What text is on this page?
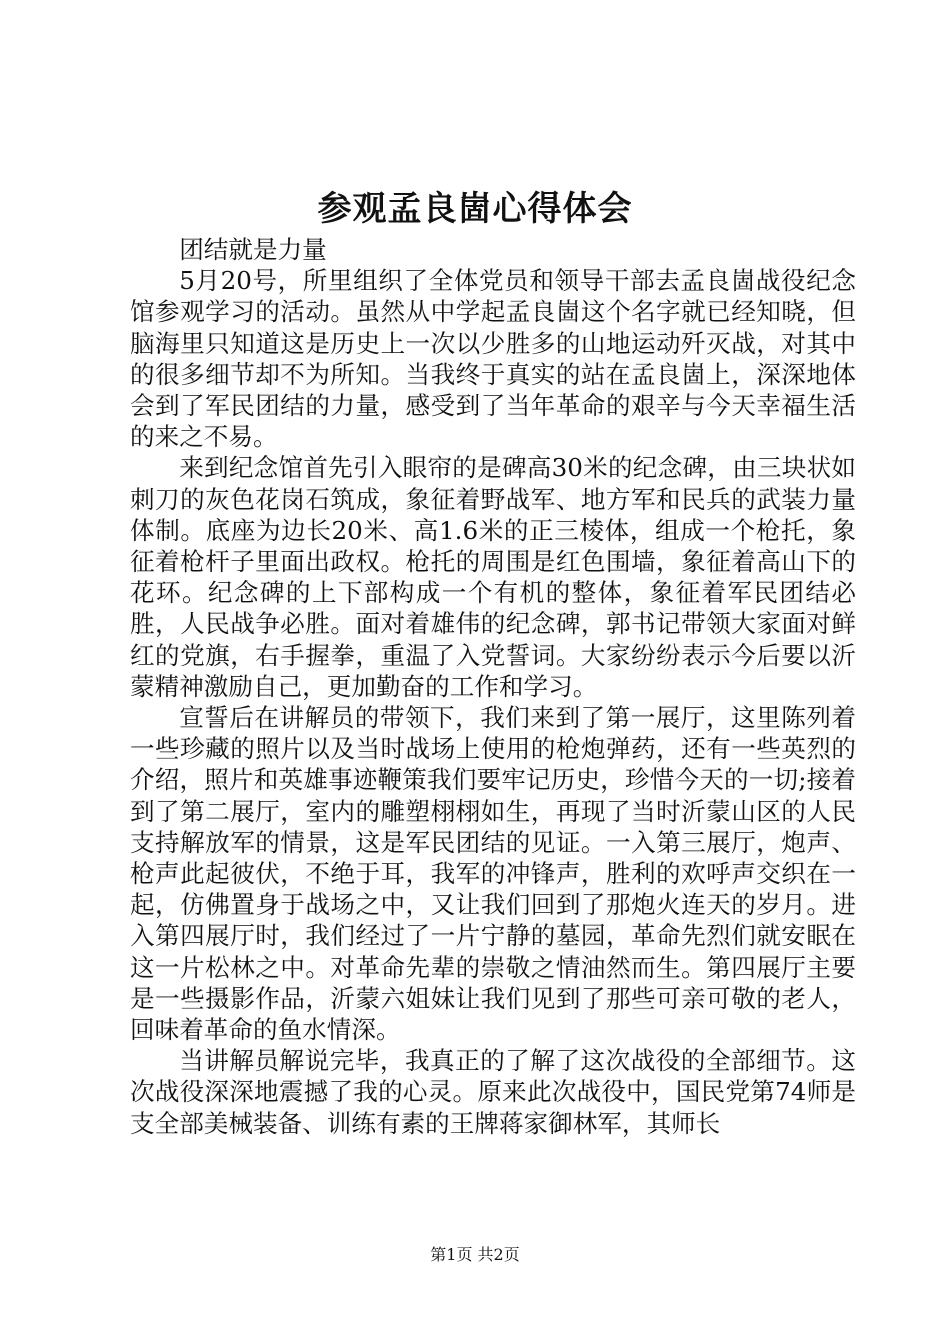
参观孟良崮心得体会

团结就是力量

5月20号，所里组织了全体党员和领导干部去孟良崮战役纪念馆参观学习的活动。虽然从中学起孟良崮这个名字就已经知晓，但脑海里只知道这是历史上一次以少胜多的山地运动歼灭战，对其中的很多细节却不为所知。当我终于真实的站在孟良崮上，深深地体会到了军民团结的力量，感受到了当年革命的艰辛与今天幸福生活的来之不易。

来到纪念馆首先引入眼帘的是碑高30米的纪念碑，由三块状如刺刀的灰色花岗石筑成，象征着野战军、地方军和民兵的武装力量体制。底座为边长20米、高1.6米的正三棱体，组成一个枪托，象征着枪杆子里面出政权。枪托的周围是红色围墙，象征着高山下的花环。纪念碑的上下部构成一个有机的整体，象征着军民团结必胜，人民战争必胜。面对着雄伟的纪念碑，郭书记带领大家面对鲜红的党旗，右手握拳，重温了入党誓词。大家纷纷表示今后要以沂蒙精神激励自己，更加勤奋的工作和学习。

宣誓后在讲解员的带领下，我们来到了第一展厅，这里陈列着一些珍藏的照片以及当时战场上使用的枪炮弹药，还有一些英烈的介绍，照片和英雄事迹鞭策我们要牢记历史，珍惜今天的一切;接着到了第二展厅，室内的雕塑栩栩如生，再现了当时沂蒙山区的人民支持解放军的情景，这是军民团结的见证。一入第三展厅，炮声、枪声此起彼伏，不绝于耳，我军的冲锋声，胜利的欢呼声交织在一起，仿佛置身于战场之中，又让我们回到了那炮火连天的岁月。进入第四展厅时，我们经过了一片宁静的墓园，革命先烈们就安眠在这一片松林之中。对革命先辈的崇敬之情油然而生。第四展厅主要是一些摄影作品，沂蒙六姐妹让我们见到了那些可亲可敬的老人，回味着革命的鱼水情深。

当讲解员解说完毕，我真正的了解了这次战役的全部细节。这次战役深深地震撼了我的心灵。原来此次战役中，国民党第74师是支全部美械装备、训练有素的王牌蒋家御林军，其师长

第1页 共2页
